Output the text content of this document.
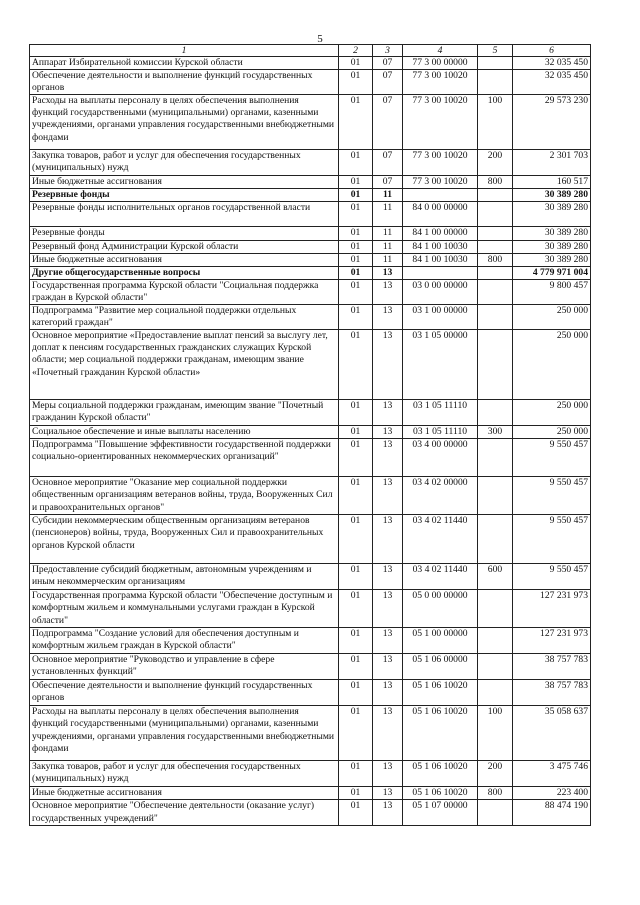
5
1	2	3	4	5	6
Аппарат Избирательной комиссии Курской области	01	07	77 3 00 00000		32 035 450
Обеспечение деятельности и выполнение функций государственных органов	01	07	77 3 00 10020		32 035 450
Расходы на выплаты персоналу в целях обеспечения выполнения функций государственными (муниципальными) органами, казенными учреждениями, органами управления государственными внебюджетными фондами	01	07	77 3 00 10020	100	29 573 230
Закупка товаров, работ и услуг для обеспечения государственных (муниципальных) нужд	01	07	77 3 00 10020	200	2 301 703
Иные бюджетные ассигнования	01	07	77 3 00 10020	800	160 517
Резервные фонды	01	11			30 389 280
Резервные фонды исполнительных органов государственной власти	01	11	84 0 00 00000		30 389 280
Резервные фонды	01	11	84 1 00 00000		30 389 280
Резервный фонд Администрации Курской области	01	11	84 1 00 10030		30 389 280
Иные бюджетные ассигнования	01	11	84 1 00 10030	800	30 389 280
Другие общегосударственные вопросы	01	13			4 779 971 004
Государственная программа Курской области "Социальная поддержка граждан в Курской области"	01	13	03 0 00 00000		9 800 457
Подпрограмма "Развитие мер социальной поддержки отдельных категорий граждан"	01	13	03 1 00 00000		250 000
Основное мероприятие «Предоставление выплат пенсий за выслугу лет, доплат к пенсиям государственных гражданских служащих Курской области; мер социальной поддержки гражданам, имеющим звание «Почетный гражданин Курской области»	01	13	03 1 05 00000		250 000
Меры социальной поддержки гражданам, имеющим звание "Почетный гражданин Курской области"	01	13	03 1 05 11110		250 000
Социальное обеспечение и иные выплаты населению	01	13	03 1 05 11110	300	250 000
Подпрограмма "Повышение эффективности государственной поддержки социально-ориентированных некоммерческих организаций"	01	13	03 4 00 00000		9 550 457
Основное мероприятие "Оказание мер социальной поддержки общественным организациям ветеранов войны, труда, Вооруженных Сил и правоохранительных органов"	01	13	03 4 02 00000		9 550 457
Субсидии некоммерческим общественным организациям ветеранов (пенсионеров) войны, труда, Вооруженных Сил и правоохранительных органов Курской области	01	13	03 4 02 11440		9 550 457
Предоставление субсидий бюджетным, автономным учреждениям и иным некоммерческим организациям	01	13	03 4 02 11440	600	9 550 457
Государственная программа Курской области "Обеспечение доступным и комфортным жильем и коммунальными услугами граждан в Курской области"	01	13	05 0 00 00000		127 231 973
Подпрограмма "Создание условий для обеспечения доступным и комфортным жильем граждан в Курской области"	01	13	05 1 00 00000		127 231 973
Основное мероприятие "Руководство и управление в сфере установленных функций"	01	13	05 1 06 00000		38 757 783
Обеспечение деятельности и выполнение функций государственных органов	01	13	05 1 06 10020		38 757 783
Расходы на выплаты персоналу в целях обеспечения выполнения функций государственными (муниципальными) органами, казенными учреждениями, органами управления государственными внебюджетными фондами	01	13	05 1 06 10020	100	35 058 637
Закупка товаров, работ и услуг для обеспечения государственных (муниципальных) нужд	01	13	05 1 06 10020	200	3 475 746
Иные бюджетные ассигнования	01	13	05 1 06 10020	800	223 400
Основное мероприятие "Обеспечение деятельности (оказание услуг) государственных учреждений"	01	13	05 1 07 00000		88 474 190
